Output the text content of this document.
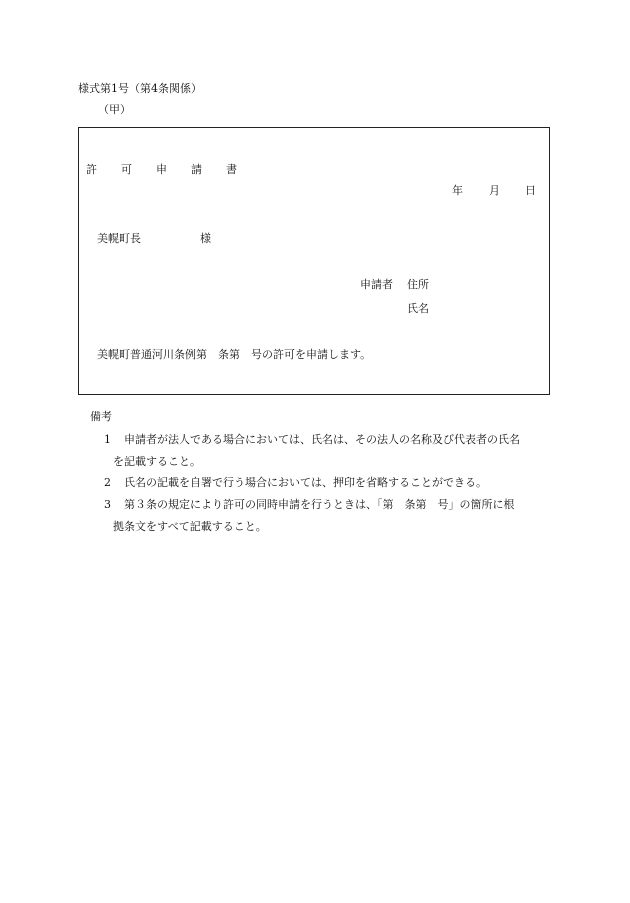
様式第1号（第4条関係）
（甲）
許可申請書
年 月 日
美幌町長	様
申請者 住所
氏名
美幌町普通河川条例第　条第　号の許可を申請します。
備考
1 申請者が法人である場合においては、氏名は、その法人の名称及び代表者の氏名
を記載すること。
2 氏名の記載を自署で行う場合においては、押印を省略することができる。
3 第３条の規定により許可の同時申請を行うときは、「第　条第　号」の箇所に根
拠条文をすべて記載すること。
